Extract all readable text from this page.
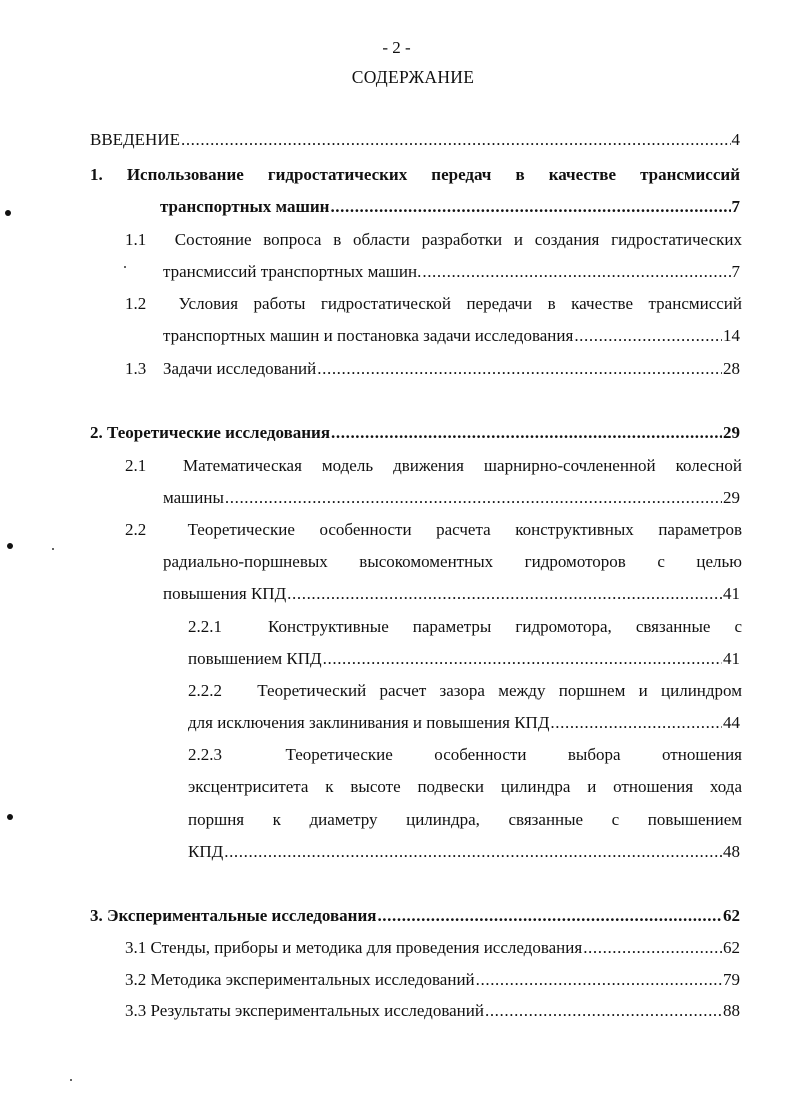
- 2 -
СОДЕРЖАНИЕ
ВВЕДЕНИЕ .....	4
1. Использование гидростатических передач в качестве трансмиссий
транспортных машин .....	7
1.1 Состояние вопроса в области разработки и создания гидростатических
трансмиссий транспортных машин. .....	7
1.2 Условия работы гидростатической передачи в качестве трансмиссий
транспортных машин и постановка задачи исследования .....	14
1.3 Задачи исследований .....	28
2. Теоретические исследования .....	29
2.1 Математическая модель движения шарнирно-сочлененной колесной
машины .....	29
2.2 Теоретические особенности расчета конструктивных параметров
радиально-поршневых высокомоментных гидромоторов с целью
повышения КПД .....	41
2.2.1	Конструктивные параметры гидромотора, связанные с
повышением КПД .....	41
2.2.2 Теоретический расчет зазора между поршнем и цилиндром
для исключения заклинивания и повышения КПД .....	44
2.2.3	Теоретические особенности выбора отношения
эксцентриситета к высоте подвески цилиндра и отношения хода
поршня к диаметру цилиндра, связанные с повышением
КПД .....	48
3. Экспериментальные исследования .....	62
3.1 Стенды, приборы и методика для проведения исследования .....	62
3.2 Методика экспериментальных исследований .....	79
3.3 Результаты экспериментальных исследований .....	88
